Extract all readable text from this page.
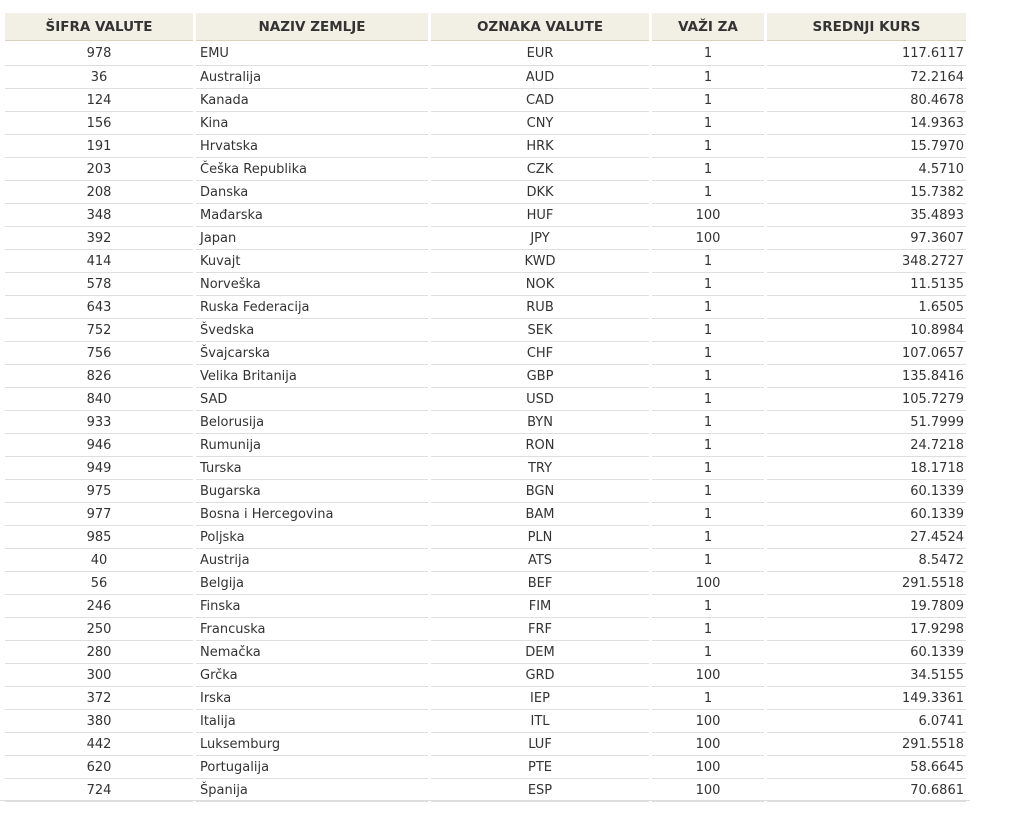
ŠIFRA VALUTE	NAZIV ZEMLJE	OZNAKA VALUTE	VAŽI ZA	SREDNJI KURS
978	EMU	EUR	1	117.6117
36	Australija	AUD	1	72.2164
124	Kanada	CAD	1	80.4678
156	Kina	CNY	1	14.9363
191	Hrvatska	HRK	1	15.7970
203	Češka Republika	CZK	1	4.5710
208	Danska	DKK	1	15.7382
348	Mađarska	HUF	100	35.4893
392	Japan	JPY	100	97.3607
414	Kuvajt	KWD	1	348.2727
578	Norveška	NOK	1	11.5135
643	Ruska Federacija	RUB	1	1.6505
752	Švedska	SEK	1	10.8984
756	Švajcarska	CHF	1	107.0657
826	Velika Britanija	GBP	1	135.8416
840	SAD	USD	1	105.7279
933	Belorusija	BYN	1	51.7999
946	Rumunija	RON	1	24.7218
949	Turska	TRY	1	18.1718
975	Bugarska	BGN	1	60.1339
977	Bosna i Hercegovina	BAM	1	60.1339
985	Poljska	PLN	1	27.4524
40	Austrija	ATS	1	8.5472
56	Belgija	BEF	100	291.5518
246	Finska	FIM	1	19.7809
250	Francuska	FRF	1	17.9298
280	Nemačka	DEM	1	60.1339
300	Grčka	GRD	100	34.5155
372	Irska	IEP	1	149.3361
380	Italija	ITL	100	6.0741
442	Luksemburg	LUF	100	291.5518
620	Portugalija	PTE	100	58.6645
724	Španija	ESP	100	70.6861
